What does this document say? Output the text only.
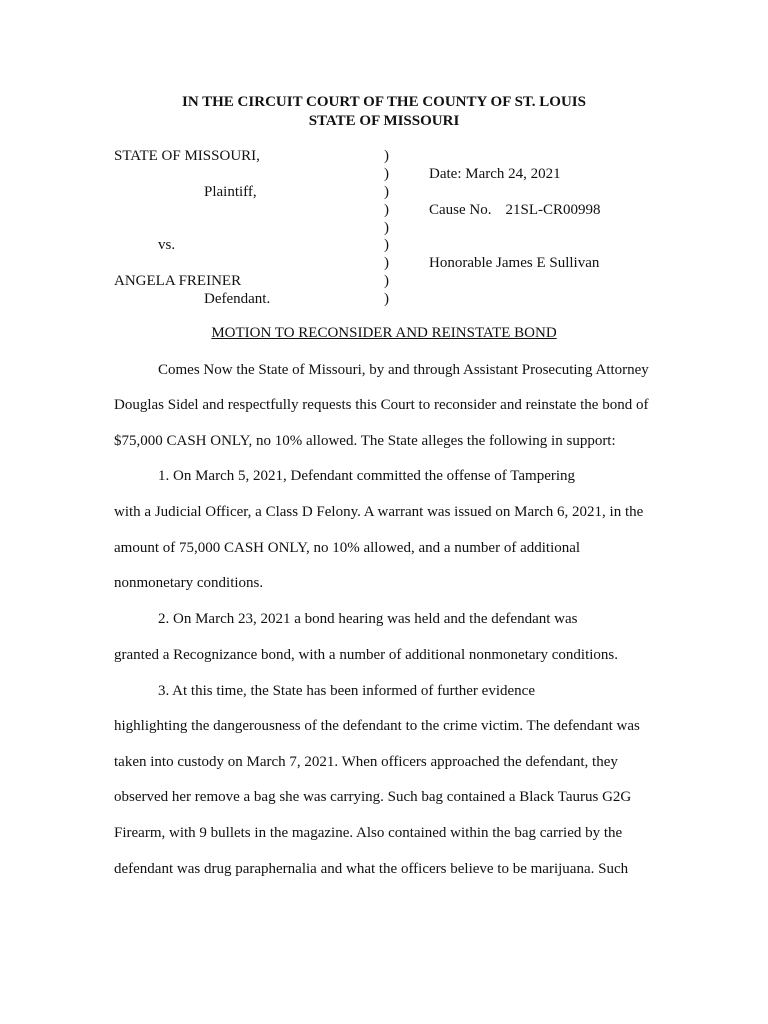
IN THE CIRCUIT COURT OF THE COUNTY OF ST. LOUIS
STATE OF MISSOURI
STATE OF MISSOURI,
Plaintiff,
vs.
ANGELA FREINER
Defendant.
)
)
)
)
)
)
)
)
)
Date: March 24, 2021
Cause No. 21SL-CR00998
Honorable James E Sullivan
MOTION TO RECONSIDER AND REINSTATE BOND
Comes Now the State of Missouri, by and through Assistant Prosecuting Attorney
Douglas Sidel and respectfully requests this Court to reconsider and reinstate the bond of
$75,000 CASH ONLY, no 10% allowed. The State alleges the following in support:
1. On March 5, 2021, Defendant committed the offense of Tampering
with a Judicial Officer, a Class D Felony. A warrant was issued on March 6, 2021, in the
amount of 75,000 CASH ONLY, no 10% allowed, and a number of additional
nonmonetary conditions.
2. On March 23, 2021 a bond hearing was held and the defendant was
granted a Recognizance bond, with a number of additional nonmonetary conditions.
3. At this time, the State has been informed of further evidence
highlighting the dangerousness of the defendant to the crime victim. The defendant was
taken into custody on March 7, 2021. When officers approached the defendant, they
observed her remove a bag she was carrying. Such bag contained a Black Taurus G2G
Firearm, with 9 bullets in the magazine. Also contained within the bag carried by the
defendant was drug paraphernalia and what the officers believe to be marijuana. Such
